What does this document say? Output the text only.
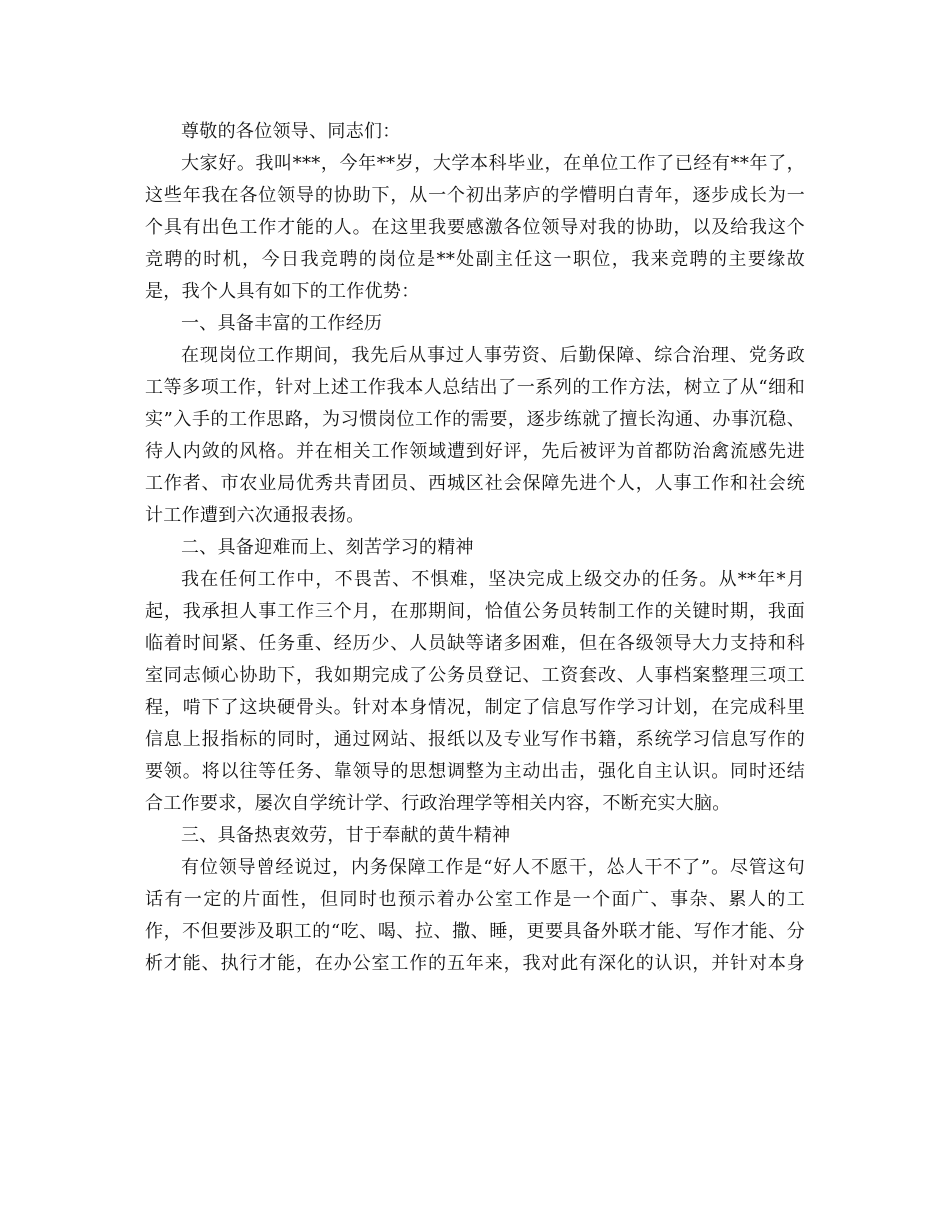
尊敬的各位领导、同志们：
大家好。我叫***，今年**岁，大学本科毕业，在单位工作了已经有**年了，
这些年我在各位领导的协助下，从一个初出茅庐的学懵明白青年，逐步成长为一
个具有出色工作才能的人。在这里我要感激各位领导对我的协助，以及给我这个
竞聘的时机，今日我竞聘的岗位是**处副主任这一职位，我来竞聘的主要缘故
是，我个人具有如下的工作优势：
一、具备丰富的工作经历
在现岗位工作期间，我先后从事过人事劳资、后勤保障、综合治理、党务政
工等多项工作，针对上述工作我本人总结出了一系列的工作方法，树立了从“细和
实”入手的工作思路，为习惯岗位工作的需要，逐步练就了擅长沟通、办事沉稳、
待人内敛的风格。并在相关工作领域遭到好评，先后被评为首都防治禽流感先进
工作者、市农业局优秀共青团员、西城区社会保障先进个人，人事工作和社会统
计工作遭到六次通报表扬。
二、具备迎难而上、刻苦学习的精神
我在任何工作中，不畏苦、不惧难，坚决完成上级交办的任务。从**年*月
起，我承担人事工作三个月，在那期间，恰值公务员转制工作的关键时期，我面
临着时间紧、任务重、经历少、人员缺等诸多困难，但在各级领导大力支持和科
室同志倾心协助下，我如期完成了公务员登记、工资套改、人事档案整理三项工
程，啃下了这块硬骨头。针对本身情况，制定了信息写作学习计划，在完成科里
信息上报指标的同时，通过网站、报纸以及专业写作书籍，系统学习信息写作的
要领。将以往等任务、靠领导的思想调整为主动出击，强化自主认识。同时还结
合工作要求，屡次自学统计学、行政治理学等相关内容，不断充实大脑。
三、具备热衷效劳，甘于奉献的黄牛精神
有位领导曾经说过，内务保障工作是“好人不愿干，怂人干不了”。尽管这句
话有一定的片面性，但同时也预示着办公室工作是一个面广、事杂、累人的工
作，不但要涉及职工的“吃、喝、拉、撒、睡，更要具备外联才能、写作才能、分
析才能、执行才能，在办公室工作的五年来，我对此有深化的认识，并针对本身
